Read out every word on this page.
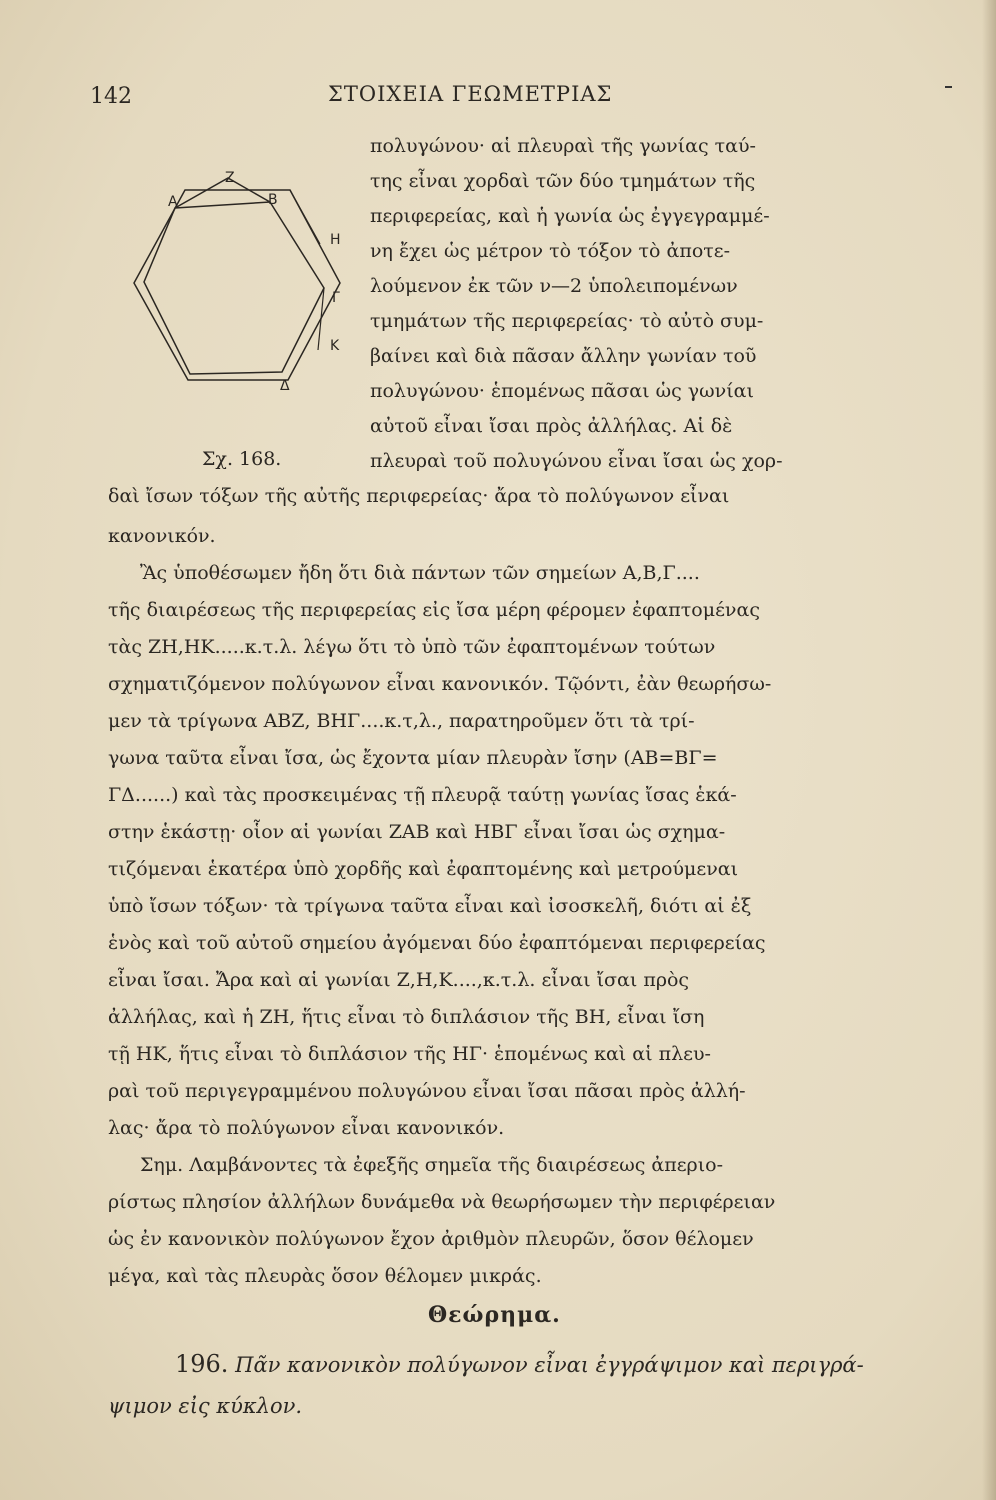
142	ΣΤΟΙΧΕΙΑ ΓΕΩΜΕΤΡΙΑΣ
Z
A	B
H
Γ
K
Δ
Σχ. 168.
πολυγώνου· αἱ πλευραὶ τῆς γωνίας ταύ-
της εἶναι χορδαὶ τῶν δύο τμημάτων τῆς
περιφερείας, καὶ ἡ γωνία ὡς ἐγγεγραμμέ-
νη ἔχει ὡς μέτρον τὸ τόξον τὸ ἀποτε-
λούμενον ἐκ τῶν ν—2 ὑπολειπομένων
τμημάτων τῆς περιφερείας· τὸ αὐτὸ συμ-
βαίνει καὶ διὰ πᾶσαν ἄλλην γωνίαν τοῦ
πολυγώνου· ἑπομένως πᾶσαι ὡς γωνίαι
αὐτοῦ εἶναι ἴσαι πρὸς ἀλλήλας. Αἱ δὲ
πλευραὶ τοῦ πολυγώνου εἶναι ἴσαι ὡς χορ-
δαὶ ἴσων τόξων τῆς αὐτῆς περιφερείας· ἄρα τὸ πολύγωνον εἶναι
κανονικόν.
Ἂς ὑποθέσωμεν ἤδη ὅτι διὰ πάντων τῶν σημείων Α,Β,Γ....
τῆς διαιρέσεως τῆς περιφερείας εἰς ἴσα μέρη φέρομεν ἐφαπτομένας
τὰς ΖΗ,ΗΚ.....κ.τ.λ. λέγω ὅτι τὸ ὑπὸ τῶν ἐφαπτομένων τούτων
σχηματιζόμενον πολύγωνον εἶναι κανονικόν. Τῷόντι, ἐὰν θεωρήσω-
μεν τὰ τρίγωνα ΑΒΖ, ΒΗΓ....κ.τ,λ., παρατηροῦμεν ὅτι τὰ τρί-
γωνα ταῦτα εἶναι ἴσα, ὡς ἔχοντα μίαν πλευρὰν ἴσην (ΑΒ=ΒΓ=
ΓΔ......) καὶ τὰς προσκειμένας τῇ πλευρᾷ ταύτῃ γωνίας ἴσας ἑκά-
στην ἑκάστῃ· οἷον αἱ γωνίαι ΖΑΒ καὶ ΗΒΓ εἶναι ἴσαι ὡς σχημα-
τιζόμεναι ἑκατέρα ὑπὸ χορδῆς καὶ ἐφαπτομένης καὶ μετρούμεναι
ὑπὸ ἴσων τόξων· τὰ τρίγωνα ταῦτα εἶναι καὶ ἰσοσκελῆ, διότι αἱ ἐξ
ἑνὸς καὶ τοῦ αὐτοῦ σημείου ἀγόμεναι δύο ἐφαπτόμεναι περιφερείας
εἶναι ἴσαι. Ἄρα καὶ αἱ γωνίαι Ζ,Η,Κ....,κ.τ.λ. εἶναι ἴσαι πρὸς
ἀλλήλας, καὶ ἡ ΖΗ, ἥτις εἶναι τὸ διπλάσιον τῆς ΒΗ, εἶναι ἴση
τῇ ΗΚ, ἥτις εἶναι τὸ διπλάσιον τῆς ΗΓ· ἑπομένως καὶ αἱ πλευ-
ραὶ τοῦ περιγεγραμμένου πολυγώνου εἶναι ἴσαι πᾶσαι πρὸς ἀλλή-
λας· ἄρα τὸ πολύγωνον εἶναι κανονικόν.
Σημ. Λαμβάνοντες τὰ ἐφεξῆς σημεῖα τῆς διαιρέσεως ἀπεριο-
ρίστως πλησίον ἀλλήλων δυνάμεθα νὰ θεωρήσωμεν τὴν περιφέρειαν
ὡς ἐν κανονικὸν πολύγωνον ἔχον ἀριθμὸν πλευρῶν, ὅσον θέλομεν
μέγα, καὶ τὰς πλευρὰς ὅσον θέλομεν μικράς.
Θεώρημα.
196. Πᾶν κανονικὸν πολύγωνον εἶναι ἐγγράψιμον καὶ περιγρά-
ψιμον εἰς κύκλον.
